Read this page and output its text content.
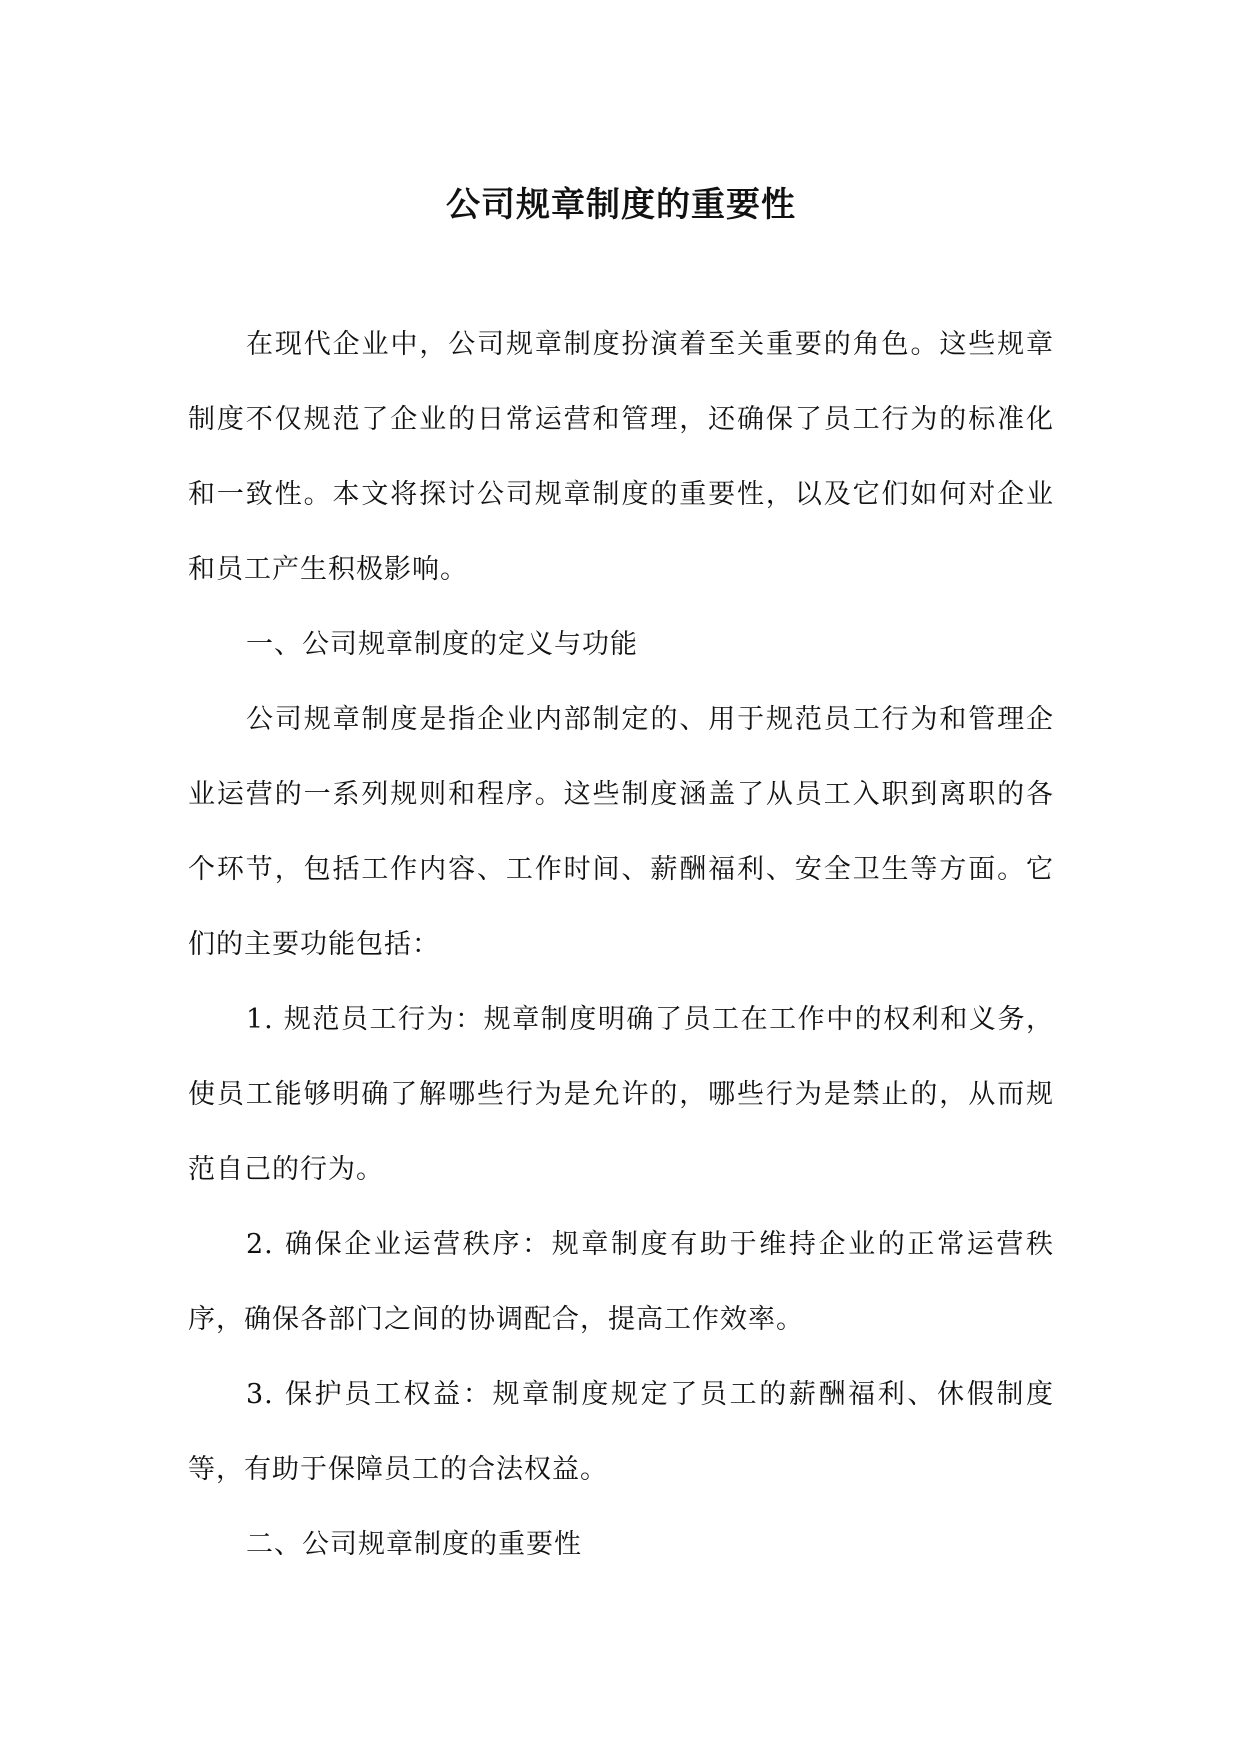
公司规章制度的重要性

在现代企业中，公司规章制度扮演着至关重要的角色。这些规章制度不仅规范了企业的日常运营和管理，还确保了员工行为的标准化和一致性。本文将探讨公司规章制度的重要性，以及它们如何对企业和员工产生积极影响。

一、公司规章制度的定义与功能

公司规章制度是指企业内部制定的、用于规范员工行为和管理企业运营的一系列规则和程序。这些制度涵盖了从员工入职到离职的各个环节，包括工作内容、工作时间、薪酬福利、安全卫生等方面。它们的主要功能包括：

1. 规范员工行为：规章制度明确了员工在工作中的权利和义务，使员工能够明确了解哪些行为是允许的，哪些行为是禁止的，从而规范自己的行为。

2. 确保企业运营秩序：规章制度有助于维持企业的正常运营秩序，确保各部门之间的协调配合，提高工作效率。

3. 保护员工权益：规章制度规定了员工的薪酬福利、休假制度等，有助于保障员工的合法权益。

二、公司规章制度的重要性
